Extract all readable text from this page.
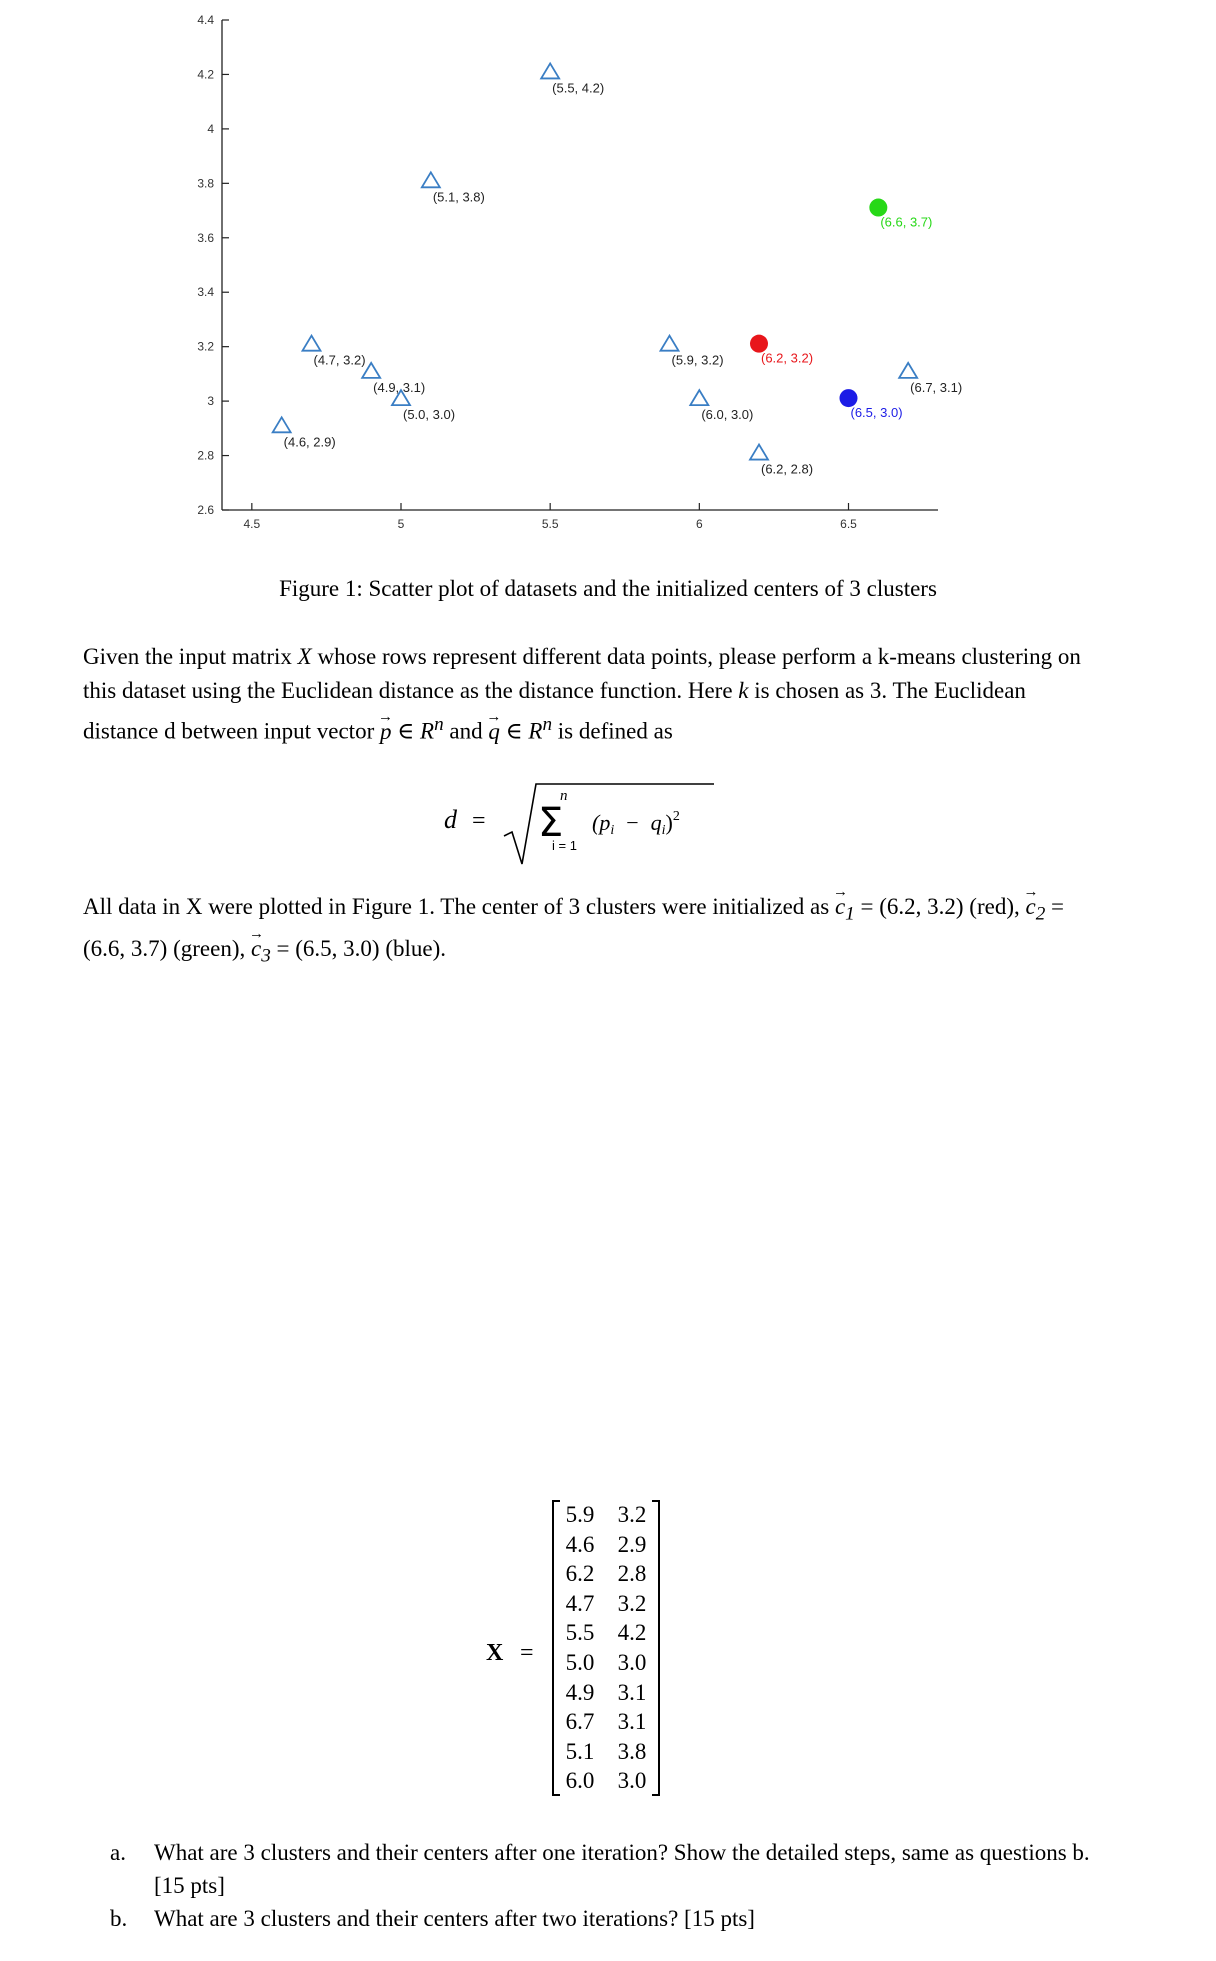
2.6
2.8
3
3.2
3.4
3.6
3.8
4
4.2
4.4
4.5	5	5.5	6	6.5
(5.5, 4.2)
(5.1, 3.8)
(4.7, 3.2)
(4.9, 3.1)
(5.0, 3.0)
(4.6, 2.9)
(5.9, 3.2)
(6.0, 3.0)
(6.2, 2.8)
(6.7, 3.1)
(6.2, 3.2)
(6.6, 3.7)
(6.5, 3.0)
Figure 1: Scatter plot of datasets and the initialized centers of 3 clusters
Given the input matrix X whose rows represent different data points, please perform a k-means clustering on this dataset using the Euclidean distance as the distance function. Here k is chosen as 3. The Euclidean distance d between input vector → p ∈ $R^n$ and → q ∈ $R^n$ is defined as
d = Σ
n
i = 1
(pi − qi)$^2$
All data in X were plotted in Figure 1. The center of 3 clusters were initialized as → $c_1 = (6.2$, 3.2) (red), → $c_2 = (6.6$, 3.7) (green), → $c_3 = (6.5$, 3.0) (blue).
X =
5.9	3.2
4.6	2.9
6.2	2.8
4.7	3.2
5.5	4.2
5.0	3.0
4.9	3.1
6.7	3.1
5.1	3.8
6.0	3.0
a.	What are 3 clusters and their centers after one iteration? Show the detailed steps, same as questions b. [15 pts]
b.	What are 3 clusters and their centers after two iterations? [15 pts]
